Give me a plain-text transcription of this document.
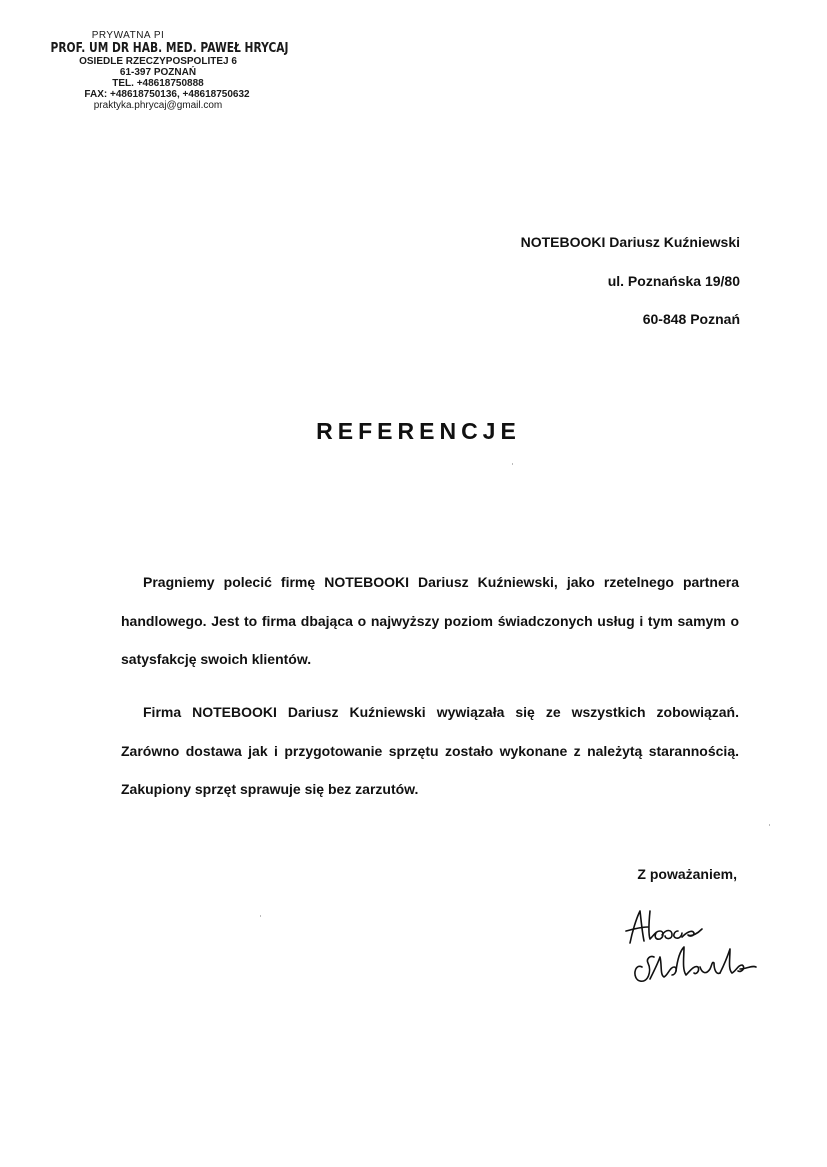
PRYWATNA PI
PROF. UM DR HAB. MED. PAWEŁ HRYCAJ
OSIEDLE RZECZYPOSPOLITEJ 6
61-397 POZNAŃ
TEL. +48618750888
FAX: +48618750136, +48618750632
praktyka.phrycaj@gmail.com
NOTEBOOKI Dariusz Kuźniewski
ul. Poznańska 19/80
60-848 Poznań
REFERENCJE

Pragniemy polecić firmę NOTEBOOKI Dariusz Kuźniewski, jako rzetelnego partnera handlowego. Jest to firma dbająca o najwyższy poziom świadczonych usług i tym samym o satysfakcję swoich klientów.

Firma NOTEBOOKI Dariusz Kuźniewski wywiązała się ze wszystkich zobowiązań. Zarówno dostawa jak i przygotowanie sprzętu zostało wykonane z należytą starannością. Zakupiony sprzęt sprawuje się bez zarzutów.

Z poważaniem,
